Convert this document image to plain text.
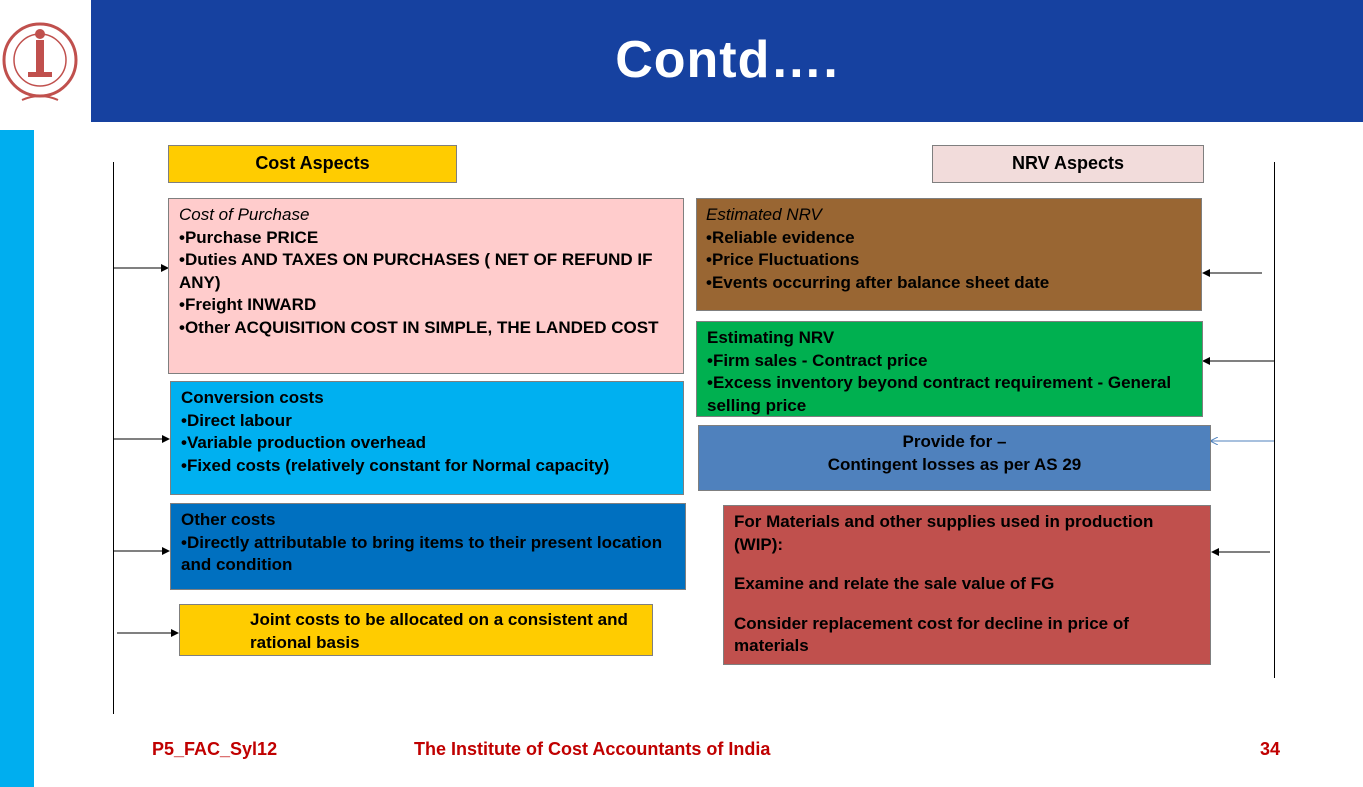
Contd….
Cost Aspects	NRV Aspects
Cost of Purchase
•Purchase PRICE
•Duties AND TAXES ON PURCHASES ( NET OF REFUND IF ANY)
•Freight INWARD
•Other ACQUISITION COST IN SIMPLE, THE LANDED COST
Conversion costs
•Direct labour
•Variable production overhead
•Fixed costs (relatively constant for Normal capacity)
Other costs
•Directly attributable to bring items to their present location and condition
Joint costs to be allocated on a consistent and rational basis
Estimated NRV
•Reliable evidence
•Price Fluctuations
•Events occurring after balance sheet date
Estimating NRV
•Firm sales - Contract price
•Excess inventory beyond contract requirement - General selling price
Provide for –
Contingent losses as per AS 29
For Materials and other supplies used in production (WIP):
Examine and relate the sale value of FG
Consider replacement cost for decline in price of materials
P5_FAC_Syl12	The Institute of Cost Accountants of India	34
